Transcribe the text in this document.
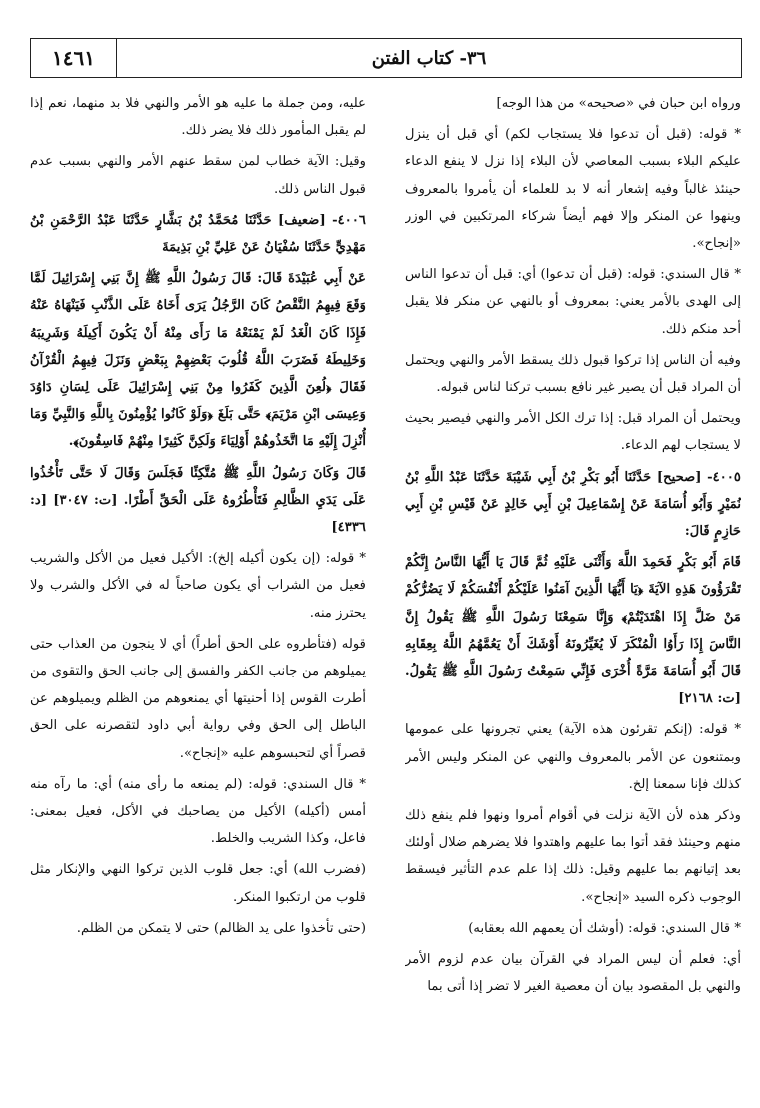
٣٦- كتاب الفتن
١٤٦١

ورواه ابن حبان في «صحيحه» من هذا الوجه]

* قوله: (قبل أن تدعوا فلا يستجاب لكم) أي قبل أن ينزل عليكم البلاء بسبب المعاصي لأن البلاء إذا نزل لا ينفع الدعاء حينئذ غالباً وفيه إشعار أنه لا بد للعلماء أن يأمروا بالمعروف وينهوا عن المنكر وإلا فهم أيضاً شركاء المرتكبين في الوزر «إنجاح».

* قال السندي: قوله: (قبل أن تدعوا) أي: قبل أن تدعوا الناس إلى الهدى بالأمر يعني: بمعروف أو بالنهي عن منكر فلا يقبل أحد منكم ذلك.

وفيه أن الناس إذا تركوا قبول ذلك يسقط الأمر والنهي ويحتمل أن المراد قبل أن يصير غير نافع بسبب تركنا لناس قبوله.

ويحتمل أن المراد قبل: إذا ترك الكل الأمر والنهي فيصير بحيث لا يستجاب لهم الدعاء.

٤٠٠٥- [صحيح] حَدَّثَنَا أَبُو بَكْرِ بْنُ أَبِي شَيْبَةَ حَدَّثَنَا عَبْدُ اللَّهِ بْنُ نُمَيْرٍ وَأَبُو أُسَامَةَ عَنْ إِسْمَاعِيلَ بْنِ أَبِي خَالِدٍ عَنْ قَيْسِ بْنِ أَبِي حَازِمٍ قَالَ:

قَامَ أَبُو بَكْرٍ فَحَمِدَ اللَّهَ وَأَثْنَى عَلَيْهِ ثُمَّ قَالَ يَا أَيُّهَا النَّاسُ إِنَّكُمْ تَقْرَؤُونَ هَذِهِ الآيَةَ ﴿يَا أَيُّهَا الَّذِينَ آمَنُوا عَلَيْكُمْ أَنْفُسَكُمْ لَا يَضُرُّكُمْ مَنْ ضَلَّ إِذَا اهْتَدَيْتُمْ﴾ وَإِنَّا سَمِعْنَا رَسُولَ اللَّهِ ﷺ يَقُولُ إِنَّ النَّاسَ إِذَا رَأَوُا الْمُنْكَرَ لَا يُغَيِّرُونَهُ أَوْشَكَ أَنْ يَعُمَّهُمُ اللَّهُ بِعِقَابِهِ قَالَ أَبُو أُسَامَةَ مَرَّةً أُخْرَى فَإِنِّي سَمِعْتُ رَسُولَ اللَّهِ ﷺ يَقُولُ. [ت: ٢١٦٨]

* قوله: (إنكم تقرئون هذه الآية) يعني تجرونها على عمومها وبمتنعون عن الأمر بالمعروف والنهي عن المنكر وليس الأمر كذلك فإنا سمعنا إلخ.

وذكر هذه لأن الآية نزلت في أقوام أمروا ونهوا فلم ينفع ذلك منهم وحينئذ فقد أتوا بما عليهم واهتدوا فلا يضرهم ضلال أولئك بعد إتيانهم بما عليهم وقيل: ذلك إذا علم عدم التأثير فيسقط الوجوب ذكره السيد «إنجاح».

* قال السندي: قوله: (أوشك أن يعمهم الله بعقابه)

أي: فعلم أن ليس المراد في القرآن بيان عدم لزوم الأمر والنهي بل المقصود بيان أن معصية الغير لا تضر إذا أتى بما

عليه، ومن جملة ما عليه هو الأمر والنهي فلا بد منهما، نعم إذا لم يقبل المأمور ذلك فلا يضر ذلك.

وقيل: الآية خطاب لمن سقط عنهم الأمر والنهي بسبب عدم قبول الناس ذلك.

٤٠٠٦- [ضعيف] حَدَّثَنَا مُحَمَّدُ بْنُ بَشَّارٍ حَدَّثَنَا عَبْدُ الرَّحْمَنِ بْنُ مَهْدِيٍّ حَدَّثَنَا سُفْيَانُ عَنْ عَلِيِّ بْنِ بَذِيمَةَ

عَنْ أَبِي عُبَيْدَةَ قَالَ: قَالَ رَسُولُ اللَّهِ ﷺ إِنَّ بَنِي إِسْرَائِيلَ لَمَّا وَقَعَ فِيهِمُ النَّقْصُ كَانَ الرَّجُلُ يَرَى أَخَاهُ عَلَى الذَّنْبِ فَيَنْهَاهُ عَنْهُ فَإِذَا كَانَ الْغَدُ لَمْ يَمْنَعْهُ مَا رَأَى مِنْهُ أَنْ يَكُونَ أَكِيلَهُ وَشَرِيبَهُ وَخَلِيطَهُ فَضَرَبَ اللَّهُ قُلُوبَ بَعْضِهِمْ بِبَعْضٍ وَنَزَلَ فِيهِمُ الْقُرْآنُ فَقَالَ ﴿لُعِنَ الَّذِينَ كَفَرُوا مِنْ بَنِي إِسْرَائِيلَ عَلَى لِسَانِ دَاوُدَ وَعِيسَى ابْنِ مَرْيَمَ﴾ حَتَّى بَلَغَ ﴿وَلَوْ كَانُوا يُؤْمِنُونَ بِاللَّهِ وَالنَّبِيِّ وَمَا أُنْزِلَ إِلَيْهِ مَا اتَّخَذُوهُمْ أَوْلِيَاءَ وَلَكِنَّ كَثِيرًا مِنْهُمْ فَاسِقُونَ﴾.

قَالَ وَكَانَ رَسُولُ اللَّهِ ﷺ مُتَّكِئًا فَجَلَسَ وَقَالَ لَا حَتَّى تَأْخُذُوا عَلَى يَدَيِ الظَّالِمِ فَتَأْطُرُوهُ عَلَى الْحَقِّ أَطْرًا. [ت: ٣٠٤٧] [د: ٤٣٣٦]

* قوله: (إن يكون أكيله إلخ): الأكيل فعيل من الأكل والشريب فعيل من الشراب أي يكون صاحباً له في الأكل والشرب ولا يحترز منه.

قوله (فتأطروه على الحق أطراً) أي لا ينجون من العذاب حتى يميلوهم من جانب الكفر والفسق إلى جانب الحق والتقوى من أطرت القوس إذا أحنيتها أي يمنعوهم من الظلم ويميلوهم عن الباطل إلى الحق وفي رواية أبي داود لتقصرنه على الحق قصراً أي لتحبسوهم عليه «إنجاح».

* قال السندي: قوله: (لم يمنعه ما رأى منه) أي: ما رآه منه أمس (أكيله) الأكيل من يصاحبك في الأكل، فعيل بمعنى: فاعل، وكذا الشريب والخلط.

(فضرب الله) أي: جعل قلوب الذين تركوا النهي والإنكار مثل قلوب من ارتكبوا المنكر.

(حتى تأخذوا على يد الظالم) حتى لا يتمكن من الظلم.
